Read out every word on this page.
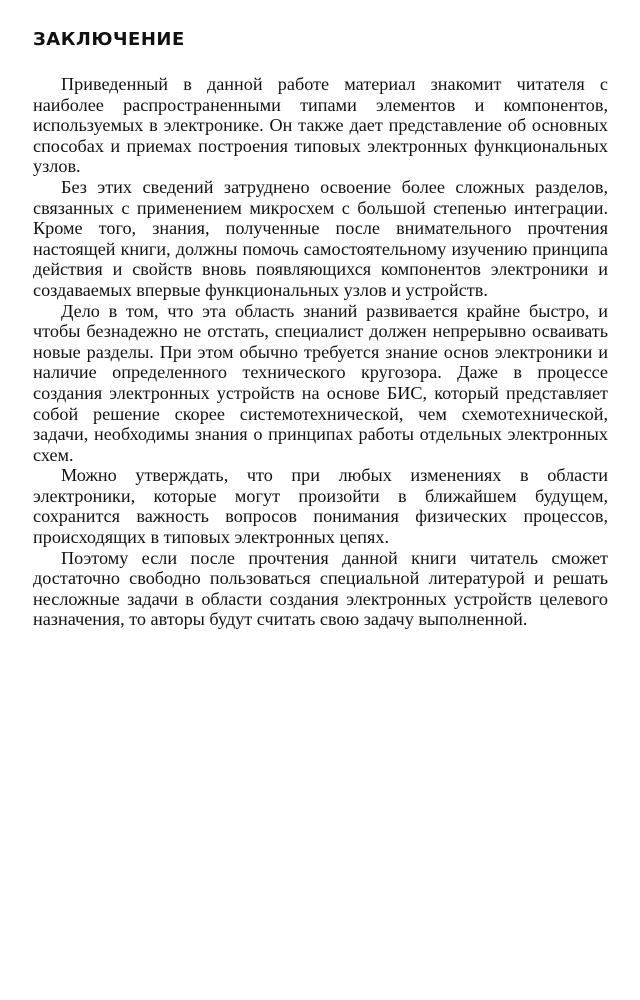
ЗАКЛЮЧЕНИЕ

Приведенный в данной работе материал знакомит читателя с наиболее распространенными типами элементов и компонентов, используемых в электронике. Он также дает представление об основных способах и приемах построения типовых электронных функциональных узлов.

Без этих сведений затруднено освоение более сложных разделов, связанных с применением микросхем с большой степенью интеграции. Кроме того, знания, полученные после внимательного прочтения настоящей книги, должны помочь самостоятельному изучению принципа действия и свойств вновь появляющихся компонентов электроники и создаваемых впервые функциональных узлов и устройств.

Дело в том, что эта область знаний развивается крайне быстро, и чтобы безнадежно не отстать, специалист должен непрерывно осваивать новые разделы. При этом обычно требуется знание основ электроники и наличие определенного технического кругозора. Даже в процессе создания электронных устройств на основе БИС, который представляет собой решение скорее системотехнической, чем схемотехнической, задачи, необходимы знания о принципах работы отдельных электронных схем.

Можно утверждать, что при любых изменениях в области электроники, которые могут произойти в ближайшем будущем, сохранится важность вопросов понимания физических процессов, происходящих в типовых электронных цепях.

Поэтому если после прочтения данной книги читатель сможет достаточно свободно пользоваться специальной литературой и решать несложные задачи в области создания электронных устройств целевого назначения, то авторы будут считать свою задачу выполненной.
